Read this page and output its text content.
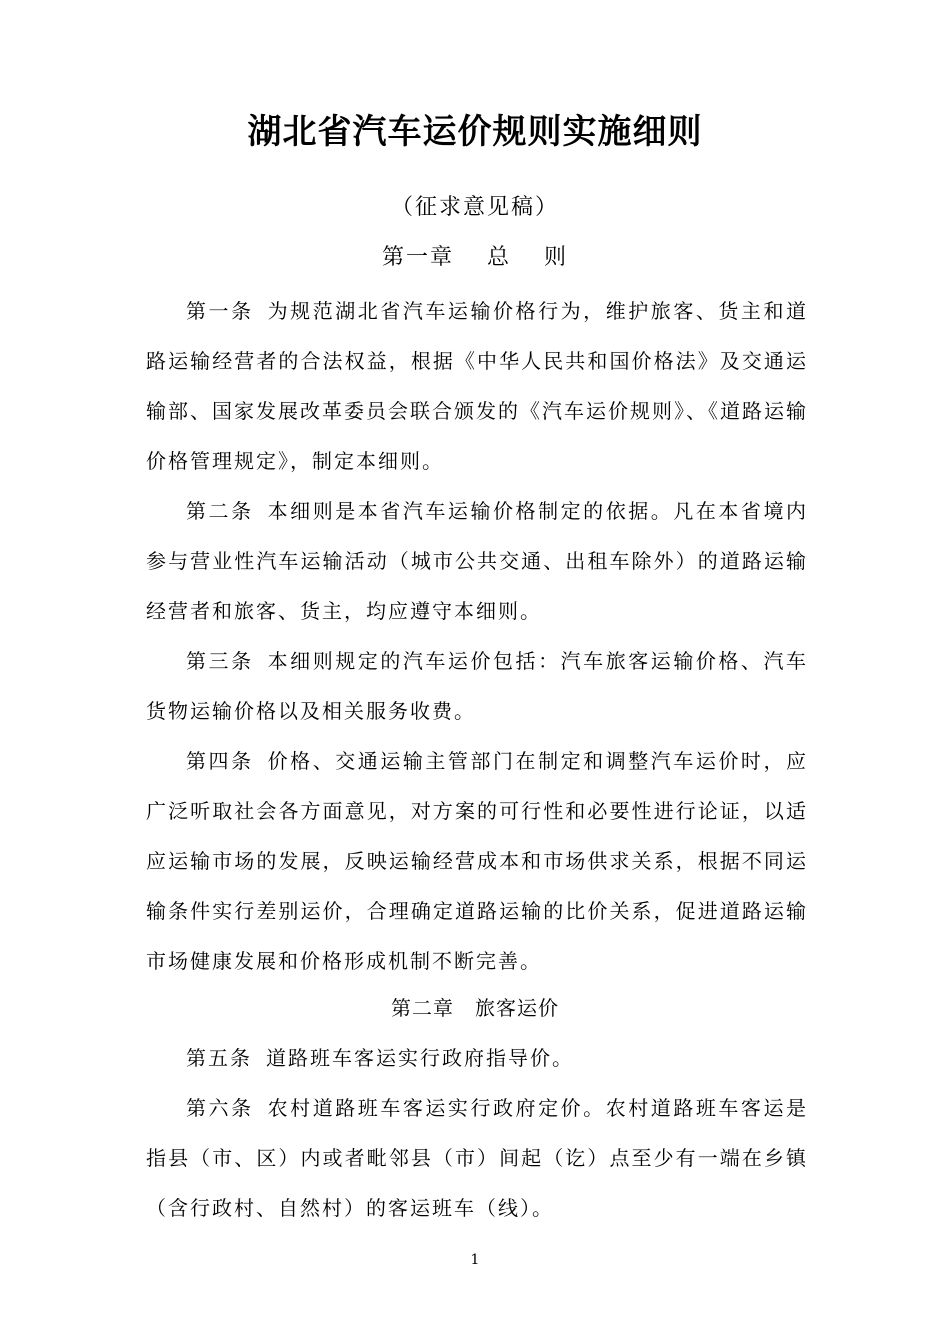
湖北省汽车运价规则实施细则
（征求意见稿）
第一章　 总　 则

第一条 为规范湖北省汽车运输价格行为，维护旅客、货主和道路运输经营者的合法权益，根据《中华人民共和国价格法》及交通运输部、国家发展改革委员会联合颁发的《汽车运价规则》、《道路运输价格管理规定》，制定本细则。

第二条 本细则是本省汽车运输价格制定的依据。凡在本省境内参与营业性汽车运输活动（城市公共交通、出租车除外）的道路运输经营者和旅客、货主，均应遵守本细则。

第三条 本细则规定的汽车运价包括：汽车旅客运输价格、汽车货物运输价格以及相关服务收费。

第四条 价格、交通运输主管部门在制定和调整汽车运价时，应广泛听取社会各方面意见，对方案的可行性和必要性进行论证，以适应运输市场的发展，反映运输经营成本和市场供求关系，根据不同运输条件实行差别运价，合理确定道路运输的比价关系，促进道路运输市场健康发展和价格形成机制不断完善。

第二章　旅客运价

第五条 道路班车客运实行政府指导价。

第六条 农村道路班车客运实行政府定价。农村道路班车客运是指县（市、区）内或者毗邻县（市）间起（讫）点至少有一端在乡镇（含行政村、自然村）的客运班车（线）。

1
